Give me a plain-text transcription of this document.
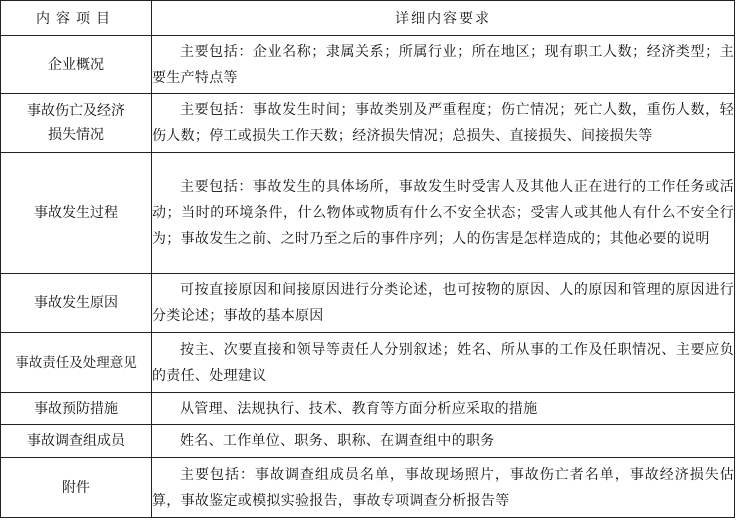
内容项目	详细内容要求
企业概况	主要包括：企业名称；隶属关系；所属行业；所在地区；现有职工人数；经济类型；主要生产特点等
事故伤亡及经济损失情况	主要包括：事故发生时间；事故类别及严重程度；伤亡情况；死亡人数，重伤人数，轻伤人数；停工或损失工作天数；经济损失情况；总损失、直接损失、间接损失等
事故发生过程	主要包括：事故发生的具体场所，事故发生时受害人及其他人正在进行的工作任务或活动；当时的环境条件，什么物体或物质有什么不安全状态；受害人或其他人有什么不安全行为；事故发生之前、之时乃至之后的事件序列；人的伤害是怎样造成的；其他必要的说明
事故发生原因	可按直接原因和间接原因进行分类论述，也可按物的原因、人的原因和管理的原因进行分类论述；事故的基本原因
事故责任及处理意见	按主、次要直接和领导等责任人分别叙述；姓名、所从事的工作及任职情况、主要应负的责任、处理建议
事故预防措施	从管理、法规执行、技术、教育等方面分析应采取的措施
事故调查组成员	姓名、工作单位、职务、职称、在调查组中的职务
附件	主要包括：事故调查组成员名单，事故现场照片，事故伤亡者名单，事故经济损失估算，事故鉴定或模拟实验报告，事故专项调查分析报告等
